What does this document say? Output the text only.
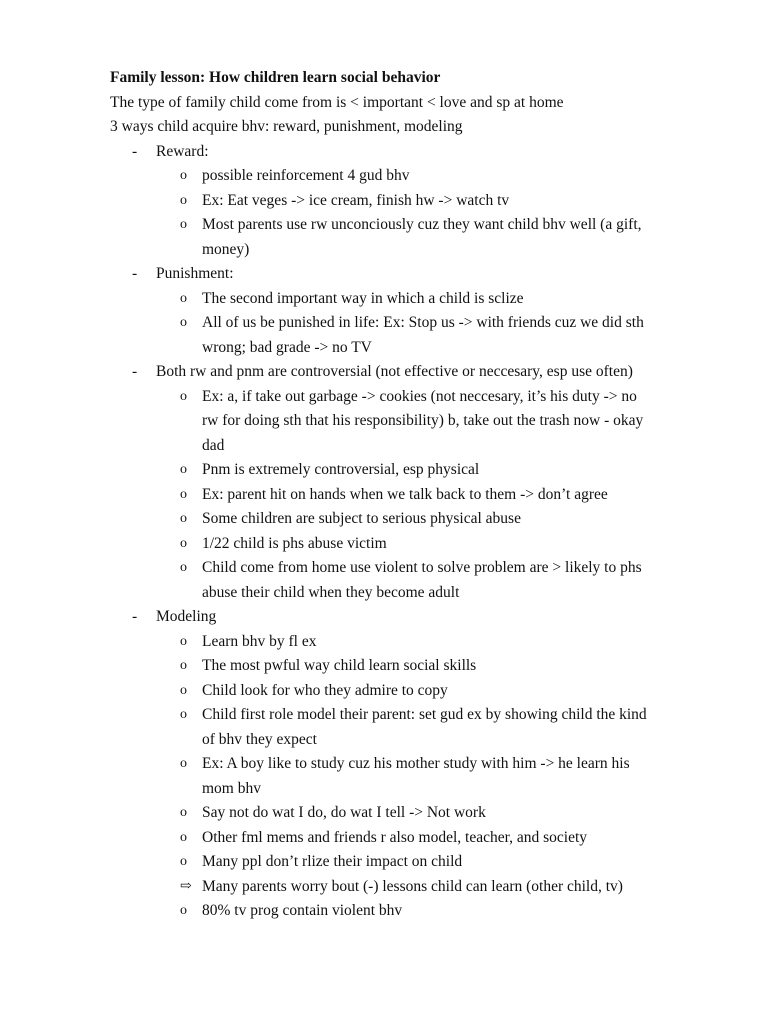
Family lesson: How children learn social behavior
The type of family child come from is < important < love and sp at home
3 ways child acquire bhv: reward, punishment, modeling
- Reward:
o possible reinforcement 4 gud bhv
o Ex: Eat veges -> ice cream, finish hw -> watch tv
o Most parents use rw unconciously cuz they want child bhv well (a gift,
money)
- Punishment:
o The second important way in which a child is sclize
o All of us be punished in life: Ex: Stop us -> with friends cuz we did sth
wrong; bad grade -> no TV
- Both rw and pnm are controversial (not effective or neccesary, esp use often)
o Ex: a, if take out garbage -> cookies (not neccesary, it’s his duty -> no
rw for doing sth that his responsibility) b, take out the trash now - okay
dad
o Pnm is extremely controversial, esp physical
o Ex: parent hit on hands when we talk back to them -> don’t agree
o Some children are subject to serious physical abuse
o 1/22 child is phs abuse victim
o Child come from home use violent to solve problem are > likely to phs
abuse their child when they become adult
- Modeling
o Learn bhv by fl ex
o The most pwful way child learn social skills
o Child look for who they admire to copy
o Child first role model their parent: set gud ex by showing child the kind
of bhv they expect
o Ex: A boy like to study cuz his mother study with him -> he learn his
mom bhv
o Say not do wat I do, do wat I tell -> Not work
o Other fml mems and friends r also model, teacher, and society
o Many ppl don’t rlize their impact on child
⇨ Many parents worry bout (-) lessons child can learn (other child, tv)
o 80% tv prog contain violent bhv
